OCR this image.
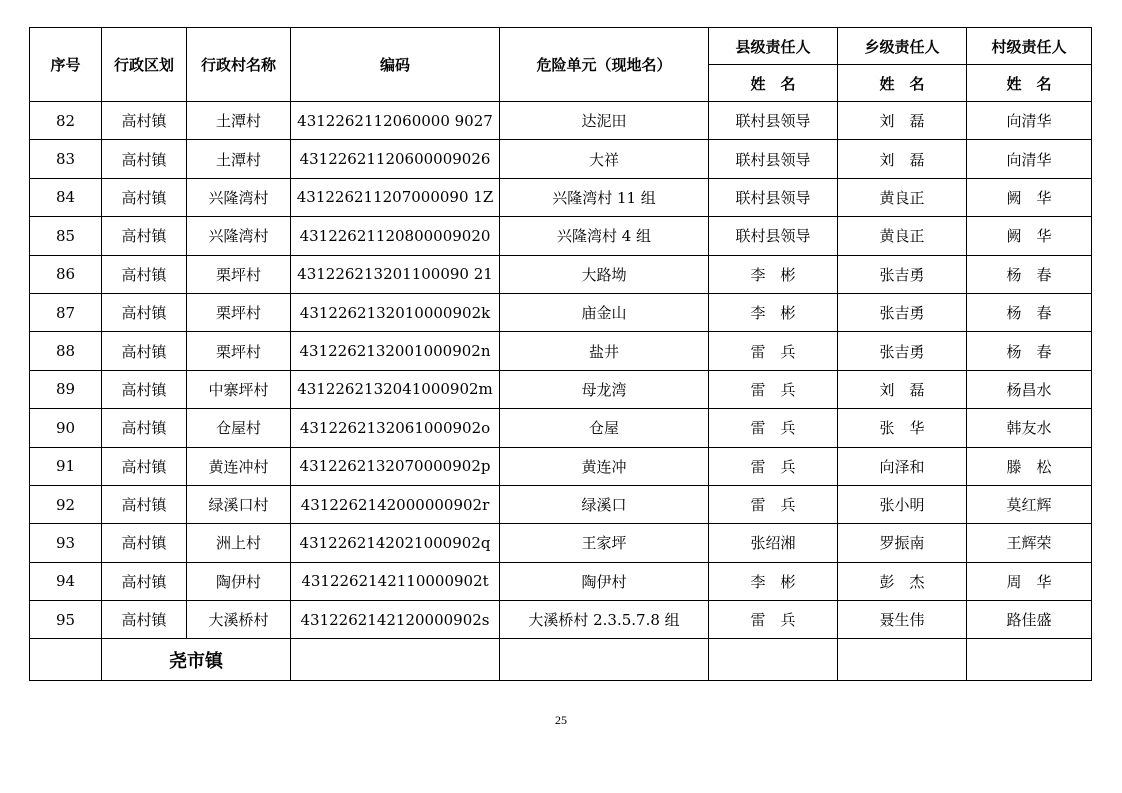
序号	行政区划	行政村名称	编码	危险单元（现地名）	县级责任人	乡级责任人	村级责任人
					姓　名	姓　名	姓　名
82	高村镇	土潭村	4312262112060000 9027	达泥田	联村县领导	刘　磊	向清华
83	高村镇	土潭村	43122621120600009026	大祥	联村县领导	刘　磊	向清华
84	高村镇	兴隆湾村	431226211207000090 1Z	兴隆湾村 11 组	联村县领导	黄良正	阙　华
85	高村镇	兴隆湾村	43122621120800009020	兴隆湾村 4 组	联村县领导	黄良正	阙　华
86	高村镇	栗坪村	431226213201100090 21	大路坳	李　彬	张吉勇	杨　春
87	高村镇	栗坪村	4312262132010000902k	庙金山	李　彬	张吉勇	杨　春
88	高村镇	栗坪村	4312262132001000902n	盐井	雷　兵	张吉勇	杨　春
89	高村镇	中寨坪村	4312262132041000902m	母龙湾	雷　兵	刘　磊	杨昌水
90	高村镇	仓屋村	4312262132061000902o	仓屋	雷　兵	张　华	韩友水
91	高村镇	黄连冲村	4312262132070000902p	黄连冲	雷　兵	向泽和	滕　松
92	高村镇	绿溪口村	4312262142000000902r	绿溪口	雷　兵	张小明	莫红辉
93	高村镇	洲上村	4312262142021000902q	王家坪	张绍湘	罗振南	王辉荣
94	高村镇	陶伊村	4312262142110000902t	陶伊村	李　彬	彭　杰	周　华
95	高村镇	大溪桥村	4312262142120000902s	大溪桥村 2.3.5.7.8 组	雷　兵	聂生伟	路佳盛
	尧市镇						
25
